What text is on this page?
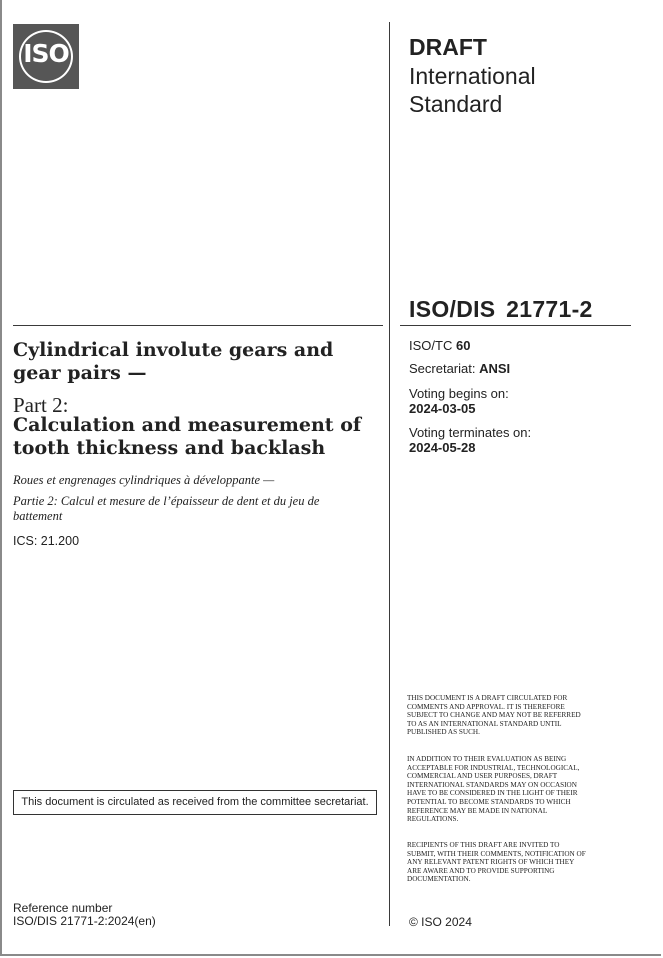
ISO	DRAFT
International
Standard
ISO/DIS 21771-2
Cylindrical involute gears and gear pairs —
Part 2:
Calculation and measurement of tooth thickness and backlash
Roues et engrenages cylindriques à développante —
Partie 2: Calcul et mesure de l’épaisseur de dent et du jeu de battement
ICS: 21.200
ISO/TC 60
Secretariat: ANSI
Voting begins on:
2024-03-05
Voting terminates on:
2024-05-28
THIS DOCUMENT IS A DRAFT CIRCULATED FOR COMMENTS AND APPROVAL. IT IS THEREFORE SUBJECT TO CHANGE AND MAY NOT BE REFERRED TO AS AN INTERNATIONAL STANDARD UNTIL PUBLISHED AS SUCH.
IN ADDITION TO THEIR EVALUATION AS BEING ACCEPTABLE FOR INDUSTRIAL, TECHNOLOGICAL, COMMERCIAL AND USER PURPOSES, DRAFT INTERNATIONAL STANDARDS MAY ON OCCASION HAVE TO BE CONSIDERED IN THE LIGHT OF THEIR POTENTIAL TO BECOME STANDARDS TO WHICH REFERENCE MAY BE MADE IN NATIONAL REGULATIONS.
RECIPIENTS OF THIS DRAFT ARE INVITED TO SUBMIT, WITH THEIR COMMENTS, NOTIFICATION OF ANY RELEVANT PATENT RIGHTS OF WHICH THEY ARE AWARE AND TO PROVIDE SUPPORTING DOCUMENTATION.
This document is circulated as received from the committee secretariat.
Reference number
ISO/DIS 21771-2:2024(en)	© ISO 2024
